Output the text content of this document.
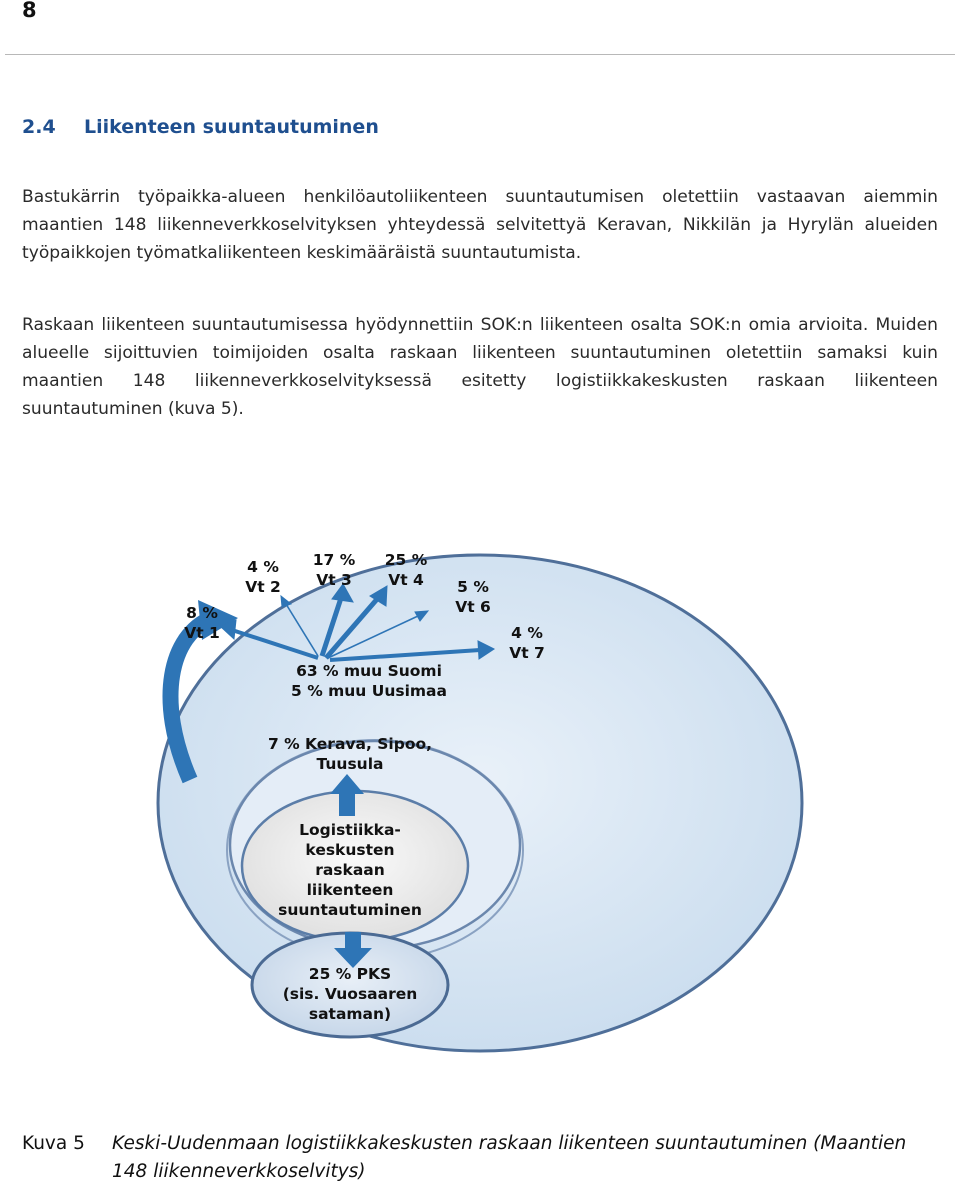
8
2.4 Liikenteen suuntautuminen

Bastukärrin työpaikka-alueen henkilöautoliikenteen suuntautumisen oletettiin vastaavan aiemmin maantien 148 liikenneverkkoselvityksen yhteydessä selvitettyä Keravan, Nikkilän ja Hyrylän alueiden työpaikkojen työmatkaliikenteen keskimääräistä suuntautumista.

Raskaan liikenteen suuntautumisessa hyödynnettiin SOK:n liikenteen osalta SOK:n omia arvioita. Muiden alueelle sijoittuvien toimijoiden osalta raskaan liikenteen suuntautuminen oletettiin samaksi kuin maantien 148 liikenneverkkoselvityksessä esitetty logistiikkakeskusten raskaan liikenteen suuntautuminen (kuva 5).

8 %
Vt 1
4 %
Vt 2
17 %
Vt 3
25 %
Vt 4 5 %
Vt 6
4 %
Vt 7
63 % muu Suomi
5 % muu Uusimaa
7 % Kerava, Sipoo,
Tuusula
Logistiikka-
keskusten
raskaan
liikenteen
suuntautuminen
25 % PKS
(sis. Vuosaaren
sataman)
Kuva 5 Keski-Uudenmaan logistiikkakeskusten raskaan liikenteen suuntautuminen (Maantien 148 liikenneverkkoselvitys)
